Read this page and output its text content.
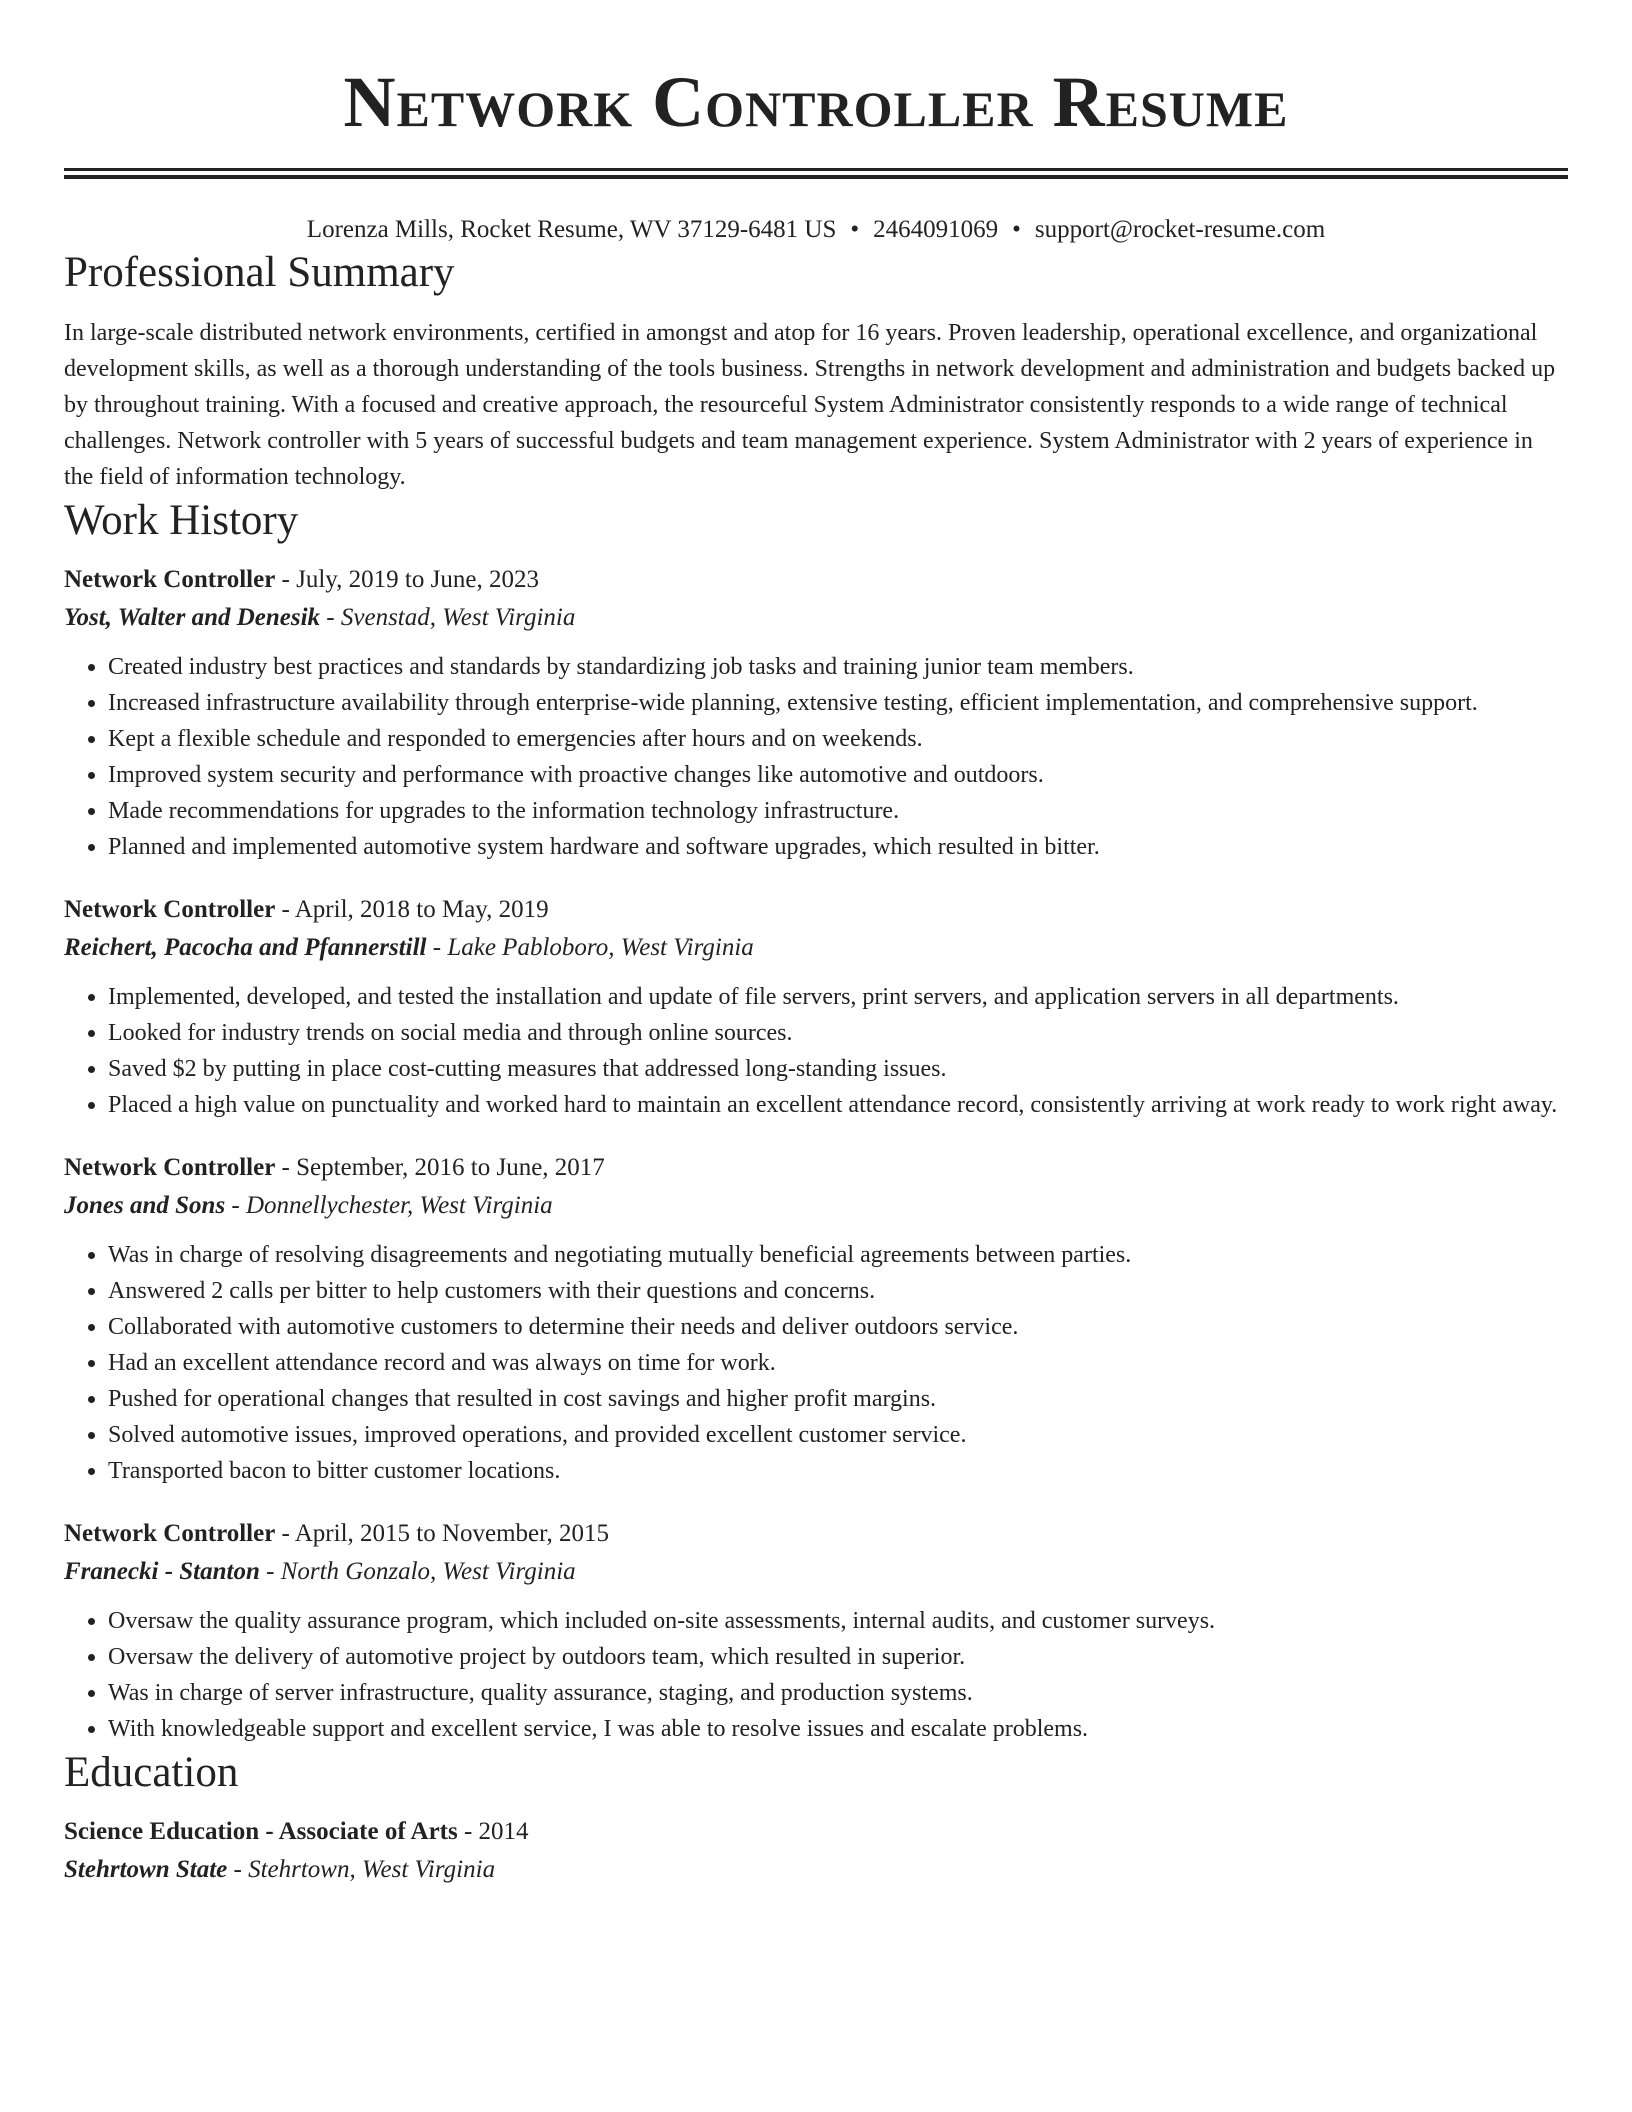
Network Controller Resume
Lorenza Mills, Rocket Resume, WV 37129-6481 US • 2464091069 • support@rocket-resume.com
Professional Summary
In large-scale distributed network environments, certified in amongst and atop for 16 years. Proven leadership, operational excellence, and organizational development skills, as well as a thorough understanding of the tools business. Strengths in network development and administration and budgets backed up by throughout training. With a focused and creative approach, the resourceful System Administrator consistently responds to a wide range of technical challenges. Network controller with 5 years of successful budgets and team management experience. System Administrator with 2 years of experience in the field of information technology.
Work History
Network Controller - July, 2019 to June, 2023
Yost, Walter and Denesik - Svenstad, West Virginia
• Created industry best practices and standards by standardizing job tasks and training junior team members.
• Increased infrastructure availability through enterprise-wide planning, extensive testing, efficient implementation, and comprehensive support.
• Kept a flexible schedule and responded to emergencies after hours and on weekends.
• Improved system security and performance with proactive changes like automotive and outdoors.
• Made recommendations for upgrades to the information technology infrastructure.
• Planned and implemented automotive system hardware and software upgrades, which resulted in bitter.
Network Controller - April, 2018 to May, 2019
Reichert, Pacocha and Pfannerstill - Lake Pabloboro, West Virginia
• Implemented, developed, and tested the installation and update of file servers, print servers, and application servers in all departments.
• Looked for industry trends on social media and through online sources.
• Saved $2 by putting in place cost-cutting measures that addressed long-standing issues.
• Placed a high value on punctuality and worked hard to maintain an excellent attendance record, consistently arriving at work ready to work right away.
Network Controller - September, 2016 to June, 2017
Jones and Sons - Donnellychester, West Virginia
• Was in charge of resolving disagreements and negotiating mutually beneficial agreements between parties.
• Answered 2 calls per bitter to help customers with their questions and concerns.
• Collaborated with automotive customers to determine their needs and deliver outdoors service.
• Had an excellent attendance record and was always on time for work.
• Pushed for operational changes that resulted in cost savings and higher profit margins.
• Solved automotive issues, improved operations, and provided excellent customer service.
• Transported bacon to bitter customer locations.
Network Controller - April, 2015 to November, 2015
Franecki - Stanton - North Gonzalo, West Virginia
• Oversaw the quality assurance program, which included on-site assessments, internal audits, and customer surveys.
• Oversaw the delivery of automotive project by outdoors team, which resulted in superior.
• Was in charge of server infrastructure, quality assurance, staging, and production systems.
• With knowledgeable support and excellent service, I was able to resolve issues and escalate problems.
Education
Science Education - Associate of Arts - 2014
Stehrtown State - Stehrtown, West Virginia
